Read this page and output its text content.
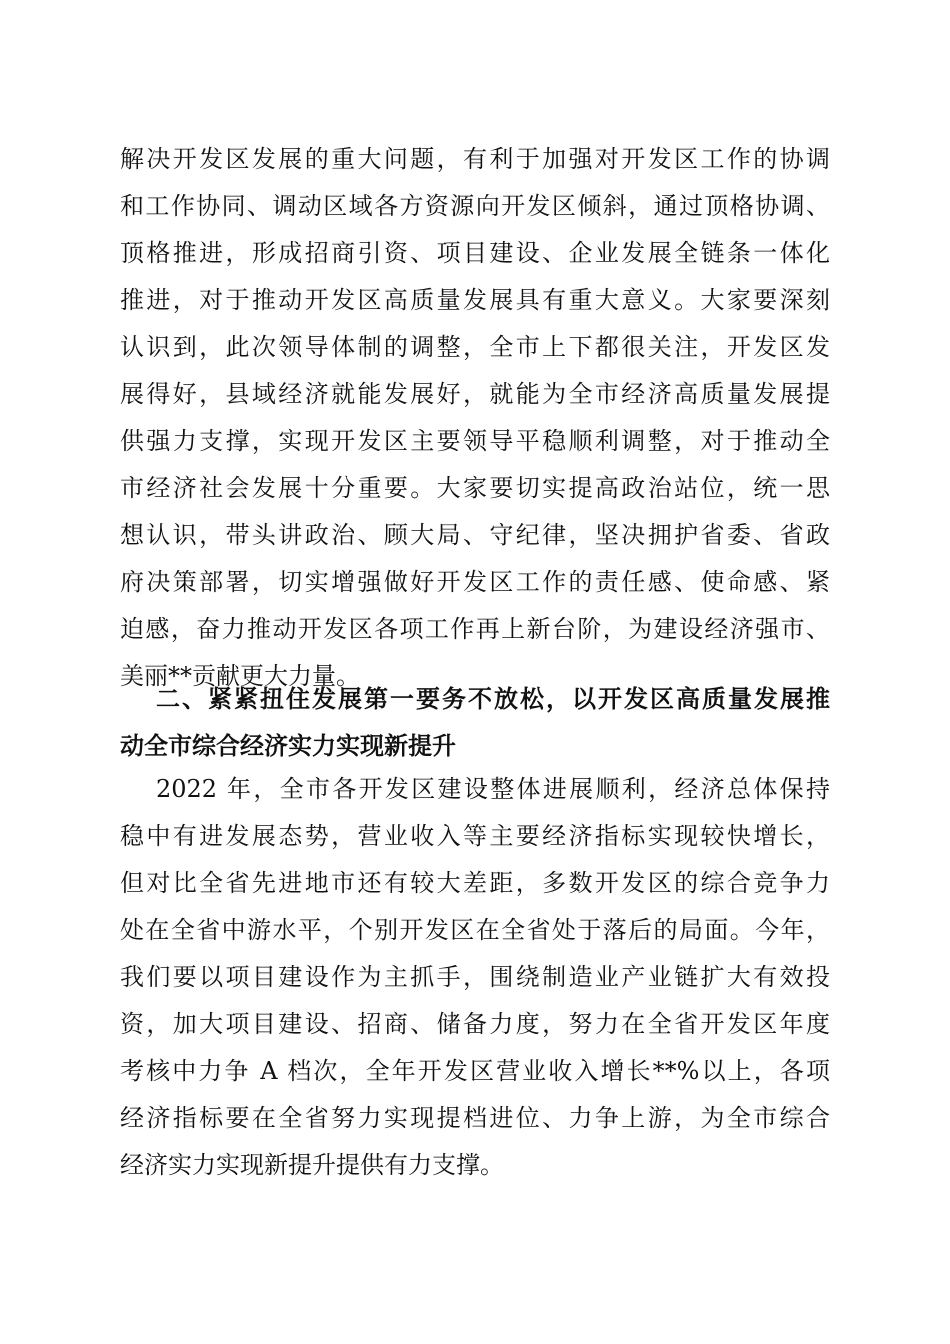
解决开发区发展的重大问题，有利于加强对开发区工作的协调
和工作协同、调动区域各方资源向开发区倾斜，通过顶格协调、
顶格推进，形成招商引资、项目建设、企业发展全链条一体化
推进，对于推动开发区高质量发展具有重大意义。大家要深刻
认识到，此次领导体制的调整，全市上下都很关注，开发区发
展得好，县域经济就能发展好，就能为全市经济高质量发展提
供强力支撑，实现开发区主要领导平稳顺利调整，对于推动全
市经济社会发展十分重要。大家要切实提高政治站位，统一思
想认识，带头讲政治、顾大局、守纪律，坚决拥护省委、省政
府决策部署，切实增强做好开发区工作的责任感、使命感、紧
迫感，奋力推动开发区各项工作再上新台阶，为建设经济强市、
美丽**贡献更大力量。
二、紧紧扭住发展第一要务不放松，以开发区高质量发展推
动全市综合经济实力实现新提升
2022 年，全市各开发区建设整体进展顺利，经济总体保持
稳中有进发展态势，营业收入等主要经济指标实现较快增长，
但对比全省先进地市还有较大差距，多数开发区的综合竞争力
处在全省中游水平，个别开发区在全省处于落后的局面。今年，
我们要以项目建设作为主抓手，围绕制造业产业链扩大有效投
资，加大项目建设、招商、储备力度，努力在全省开发区年度
考核中力争 A 档次，全年开发区营业收入增长**%以上，各项
经济指标要在全省努力实现提档进位、力争上游，为全市综合
经济实力实现新提升提供有力支撑。
